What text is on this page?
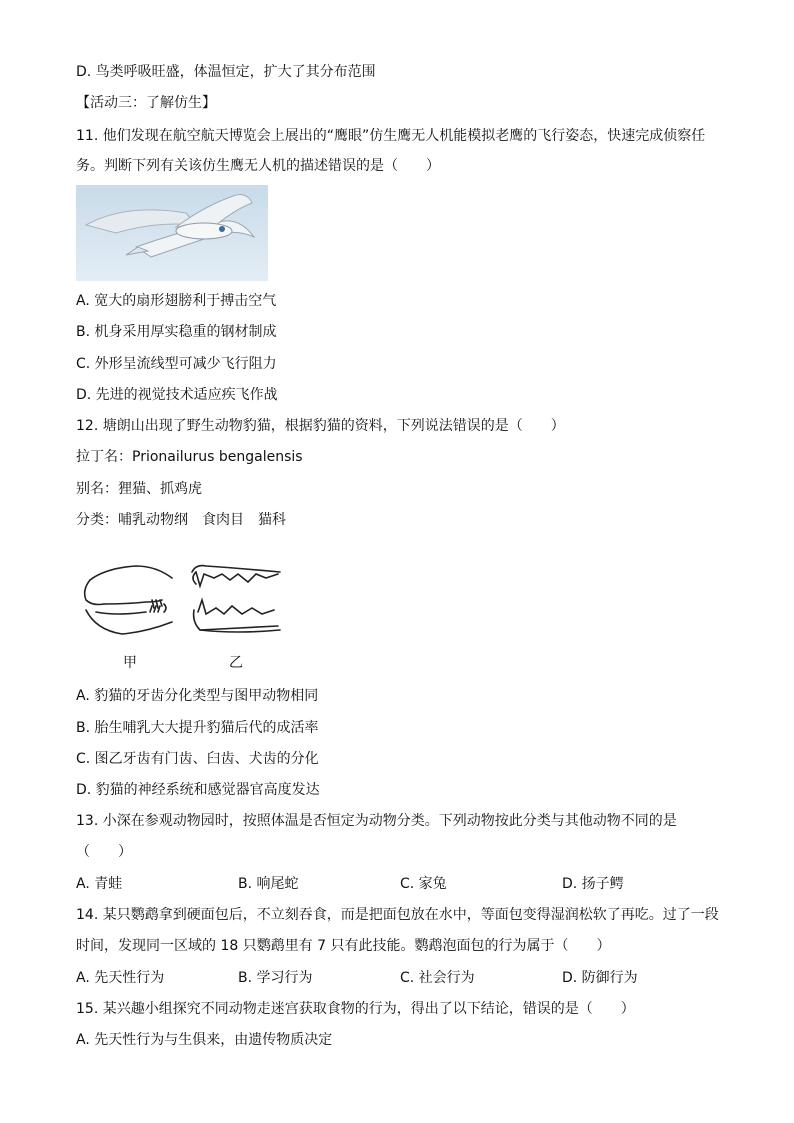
D. 鸟类呼吸旺盛，体温恒定，扩大了其分布范围
【活动三：了解仿生】
11. 他们发现在航空航天博览会上展出的“鹰眼”仿生鹰无人机能模拟老鹰的飞行姿态，快速完成侦察任
务。判断下列有关该仿生鹰无人机的描述错误的是（　　）
A. 宽大的扇形翅膀利于搏击空气
B. 机身采用厚实稳重的钢材制成
C. 外形呈流线型可减少飞行阻力
D. 先进的视觉技术适应疾飞作战
12. 塘朗山出现了野生动物豹猫，根据豹猫的资料，下列说法错误的是（　　）
拉丁名：Prionailurus bengalensis
别名：狸猫、抓鸡虎
分类：哺乳动物纲　食肉目　猫科
甲	乙
A. 豹猫的牙齿分化类型与图甲动物相同
B. 胎生哺乳大大提升豹猫后代的成活率
C. 图乙牙齿有门齿、臼齿、犬齿的分化
D. 豹猫的神经系统和感觉器官高度发达
13. 小深在参观动物园时，按照体温是否恒定为动物分类。下列动物按此分类与其他动物不同的是
（　　）
A. 青蛙	B. 响尾蛇	C. 家兔	D. 扬子鳄
14. 某只鹦鹉拿到硬面包后，不立刻吞食，而是把面包放在水中，等面包变得湿润松软了再吃。过了一段
时间，发现同一区域的 18 只鹦鹉里有 7 只有此技能。鹦鹉泡面包的行为属于（　　）
A. 先天性行为	B. 学习行为	C. 社会行为	D. 防御行为
15. 某兴趣小组探究不同动物走迷宫获取食物的行为，得出了以下结论，错误的是（　　）
A. 先天性行为与生俱来，由遗传物质决定
